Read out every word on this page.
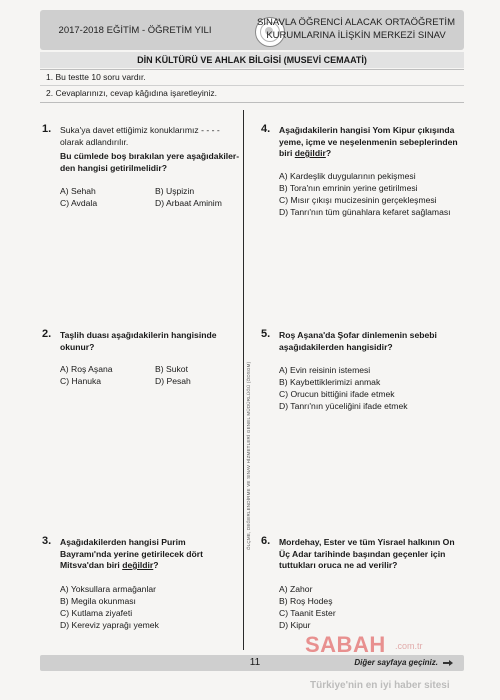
2017-2018 EĞİTİM - ÖĞRETİM YILI
SINAVLA ÖĞRENCİ ALACAK ORTAÖĞRETİM
KURUMLARINA İLİŞKİN MERKEZİ SINAV
DİN KÜLTÜRÜ VE AHLAK BİLGİSİ (MUSEVİ CEMAATİ)
1. Bu testte 10 soru vardır.
2. Cevaplarınızı, cevap kâğıdına işaretleyiniz.
ÖLÇME, DEĞERLENDİRME VE SINAV HİZMETLERİ GENEL MÜDÜRLÜĞÜ (ÖDSGM)
1. Suka'ya davet ettiğimiz konuklarımız - - - -
olarak adlandırılır.
Bu cümlede boş bırakılan yere aşağıdakiler-
den hangisi getirilmelidir?
A) Sehah	B) Uşpizin
C) Avdala	D) Arbaat Aminim
4. Aşağıdakilerin hangisi Yom Kipur çıkışında
yeme, içme ve neşelenmenin sebeplerinden
biri değildir?
A) Kardeşlik duygularının pekişmesi
B) Tora'nın emrinin yerine getirilmesi
C) Mısır çıkışı mucizesinin gerçekleşmesi
D) Tanrı'nın tüm günahlara kefaret sağlaması
2. Taşlih duası aşağıdakilerin hangisinde
okunur?
A) Roş Aşana	B) Sukot
C) Hanuka	D) Pesah
5. Roş Aşana'da Şofar dinlemenin sebebi
aşağıdakilerden hangisidir?
A) Evin reisinin istemesi
B) Kaybettiklerimizi anmak
C) Orucun bittiğini ifade etmek
D) Tanrı'nın yüceliğini ifade etmek
3. Aşağıdakilerden hangisi Purim
Bayramı'nda yerine getirilecek dört
Mitsva'dan biri değildir?
A) Yoksullara armağanlar
B) Megila okunması
C) Kutlama ziyafeti
D) Kereviz yaprağı yemek
6. Mordehay, Ester ve tüm Yisrael halkının On
Üç Adar tarihinde başından geçenler için
tuttukları oruca ne ad verilir?
A) Zahor
B) Roş Hodeş
C) Taanit Ester
D) Kipur
11	Diğer sayfaya geçiniz.
SABAH .com.tr
Türkiye'nin en iyi haber sitesi
